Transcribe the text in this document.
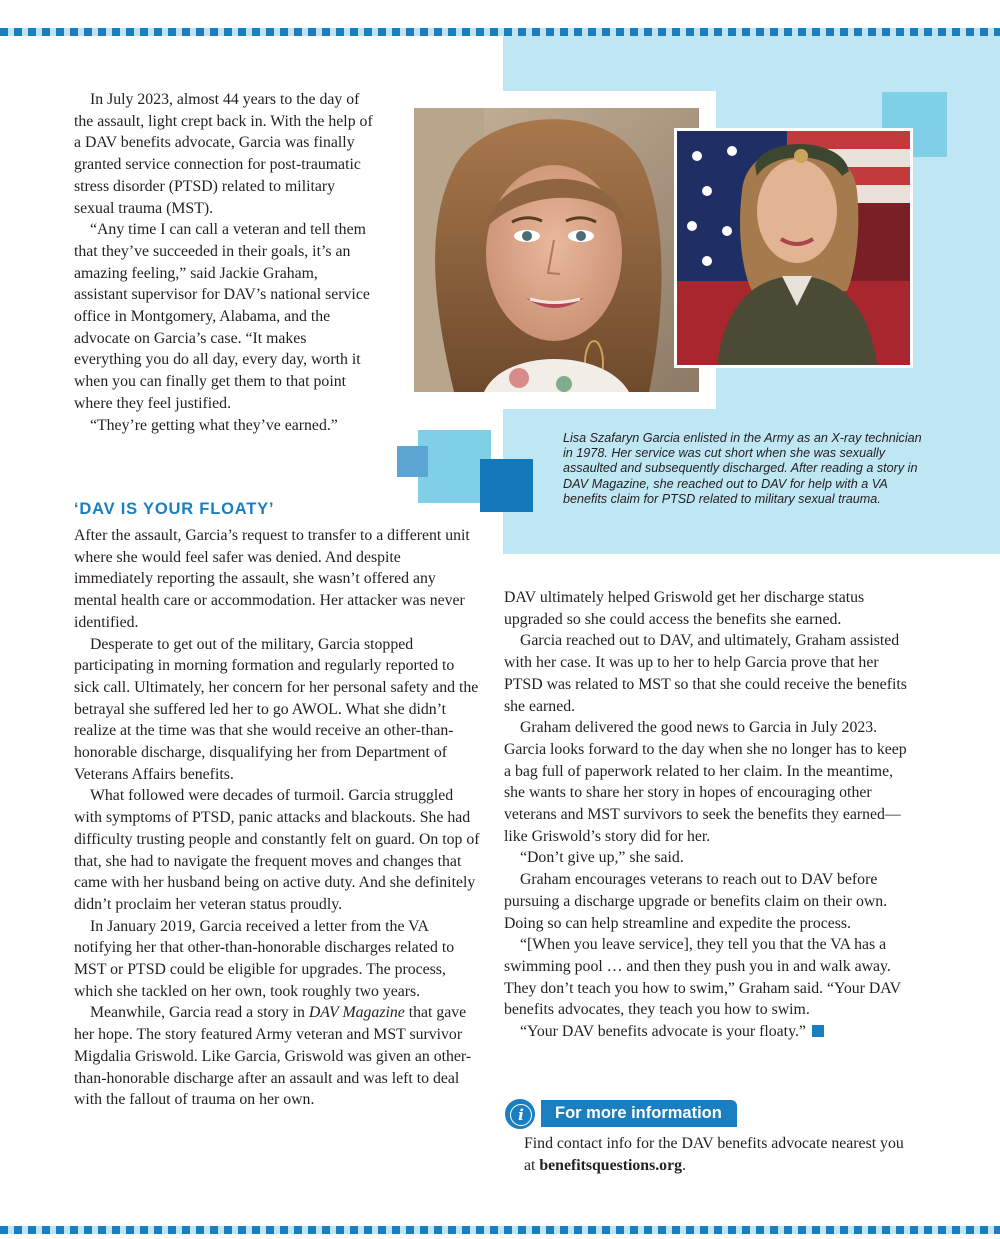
Lisa Szafaryn Garcia enlisted in the Army as an X-ray technician in 1978. Her service was cut short when she was sexually assaulted and subsequently discharged. After reading a story in DAV Magazine, she reached out to DAV for help with a VA benefits claim for PTSD related to military sexual trauma.

In July 2023, almost 44 years to the day of the assault, light crept back in. With the help of a DAV benefits advocate, Garcia was finally granted service connection for post-traumatic stress disorder (PTSD) related to military sexual trauma (MST).

“Any time I can call a veteran and tell them that they’ve succeeded in their goals, it’s an amazing feeling,” said Jackie Graham, assistant supervisor for DAV’s national service office in Montgomery, Alabama, and the advocate on Garcia’s case. “It makes everything you do all day, every day, worth it when you can finally get them to that point where they feel justified.

“They’re getting what they’ve earned.”

‘DAV IS YOUR FLOATY’

After the assault, Garcia’s request to transfer to a different unit where she would feel safer was denied. And despite immediately reporting the assault, she wasn’t offered any mental health care or accommodation. Her attacker was never identified.

Desperate to get out of the military, Garcia stopped participating in morning formation and regularly reported to sick call. Ultimately, her concern for her personal safety and the betrayal she suffered led her to go AWOL. What she didn’t realize at the time was that she would receive an other-than-honorable discharge, disqualifying her from Department of Veterans Affairs benefits.

What followed were decades of turmoil. Garcia struggled with symptoms of PTSD, panic attacks and blackouts. She had difficulty trusting people and constantly felt on guard. On top of that, she had to navigate the frequent moves and changes that came with her husband being on active duty. And she definitely didn’t proclaim her veteran status proudly.

In January 2019, Garcia received a letter from the VA notifying her that other-than-honorable discharges related to MST or PTSD could be eligible for upgrades. The process, which she tackled on her own, took roughly two years.

Meanwhile, Garcia read a story in DAV Magazine that gave her hope. The story featured Army veteran and MST survivor Migdalia Griswold. Like Garcia, Griswold was given an other-than-honorable discharge after an assault and was left to deal with the fallout of trauma on her own.

DAV ultimately helped Griswold get her discharge status upgraded so she could access the benefits she earned.

Garcia reached out to DAV, and ultimately, Graham assisted with her case. It was up to her to help Garcia prove that her PTSD was related to MST so that she could receive the benefits she earned.

Graham delivered the good news to Garcia in July 2023. Garcia looks forward to the day when she no longer has to keep a bag full of paperwork related to her claim. In the meantime, she wants to share her story in hopes of encouraging other veterans and MST survivors to seek the benefits they earned—like Griswold’s story did for her.

“Don’t give up,” she said.

Graham encourages veterans to reach out to DAV before pursuing a discharge upgrade or benefits claim on their own. Doing so can help streamline and expedite the process.

“[When you leave service], they tell you that the VA has a swimming pool … and then they push you in and walk away. They don’t teach you how to swim,” Graham said. “Your DAV benefits advocates, they teach you how to swim.

“Your DAV benefits advocate is your floaty.”

i	For more information

Find contact info for the DAV benefits advocate nearest you at benefitsquestions.org.
